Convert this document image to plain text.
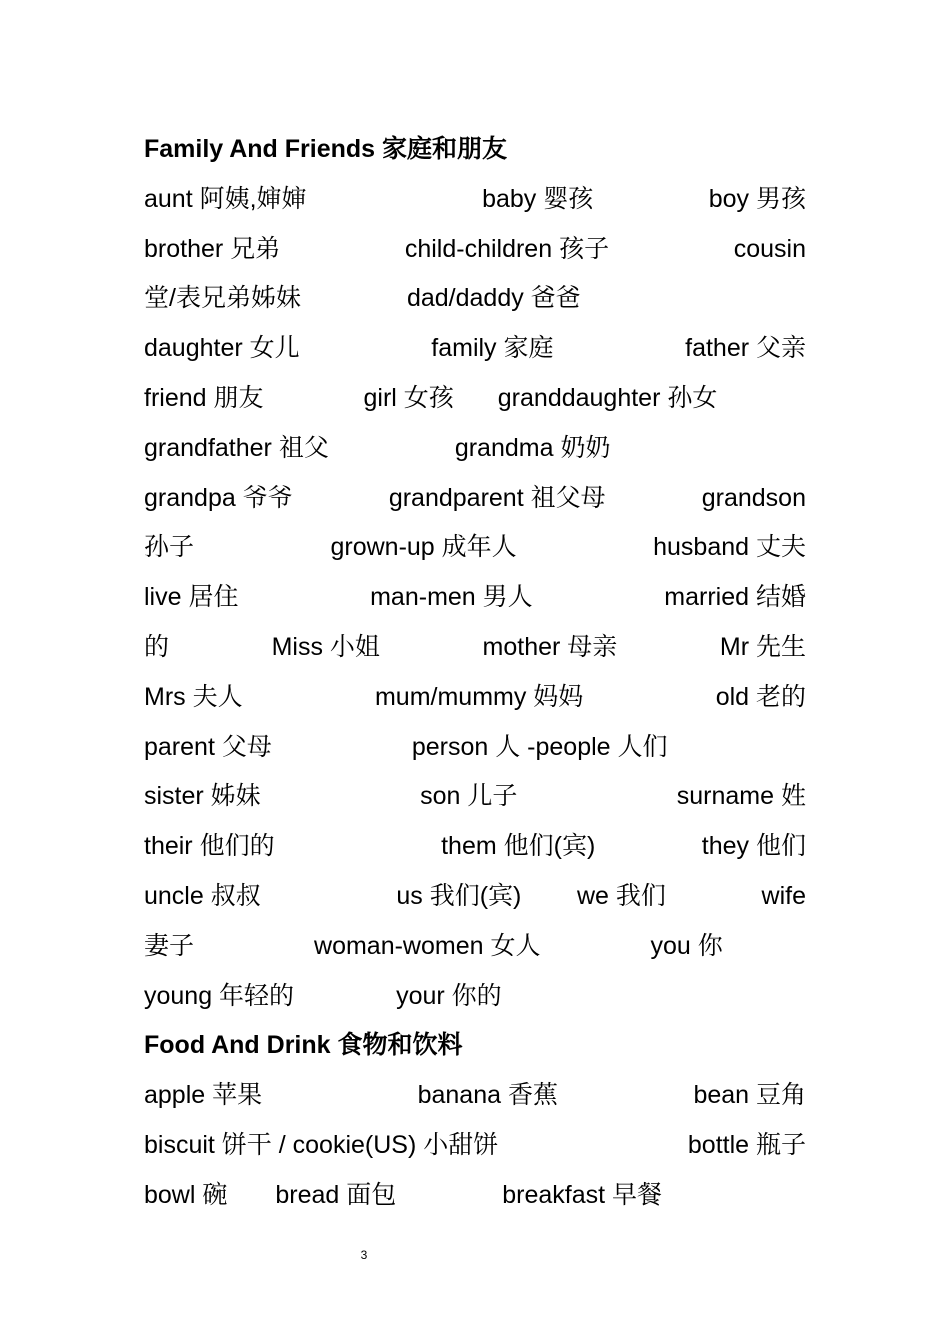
Family And Friends 家庭和朋友
aunt 阿姨,婶婶	baby 婴孩	boy 男孩
brother 兄弟	child-children 孩子	cousin
堂/表兄弟姊妹	dad/daddy 爸爸
daughter 女儿	family 家庭	father 父亲
friend 朋友	girl 女孩 granddaughter 孙女
grandfather 祖父	grandma 奶奶
grandpa 爷爷	grandparent 祖父母	grandson
孙子	grown-up 成年人	husband 丈夫
live 居住	man-men 男人	married 结婚
的	Miss 小姐	mother 母亲	Mr 先生
Mrs 夫人	mum/mummy 妈妈	old 老的
parent 父母	person 人 -people 人们
sister 姊妹	son 儿子	surname 姓
their 他们的	them 他们(宾)	they 他们
uncle 叔叔	us 我们(宾) we 我们	wife
妻子	woman-women 女人	you 你
young 年轻的	your 你的
Food And Drink 食物和饮料
apple 苹果	banana 香蕉	bean 豆角
biscuit 饼干 / cookie(US) 小甜饼	bottle 瓶子
bowl 碗 bread 面包	breakfast 早餐
3
